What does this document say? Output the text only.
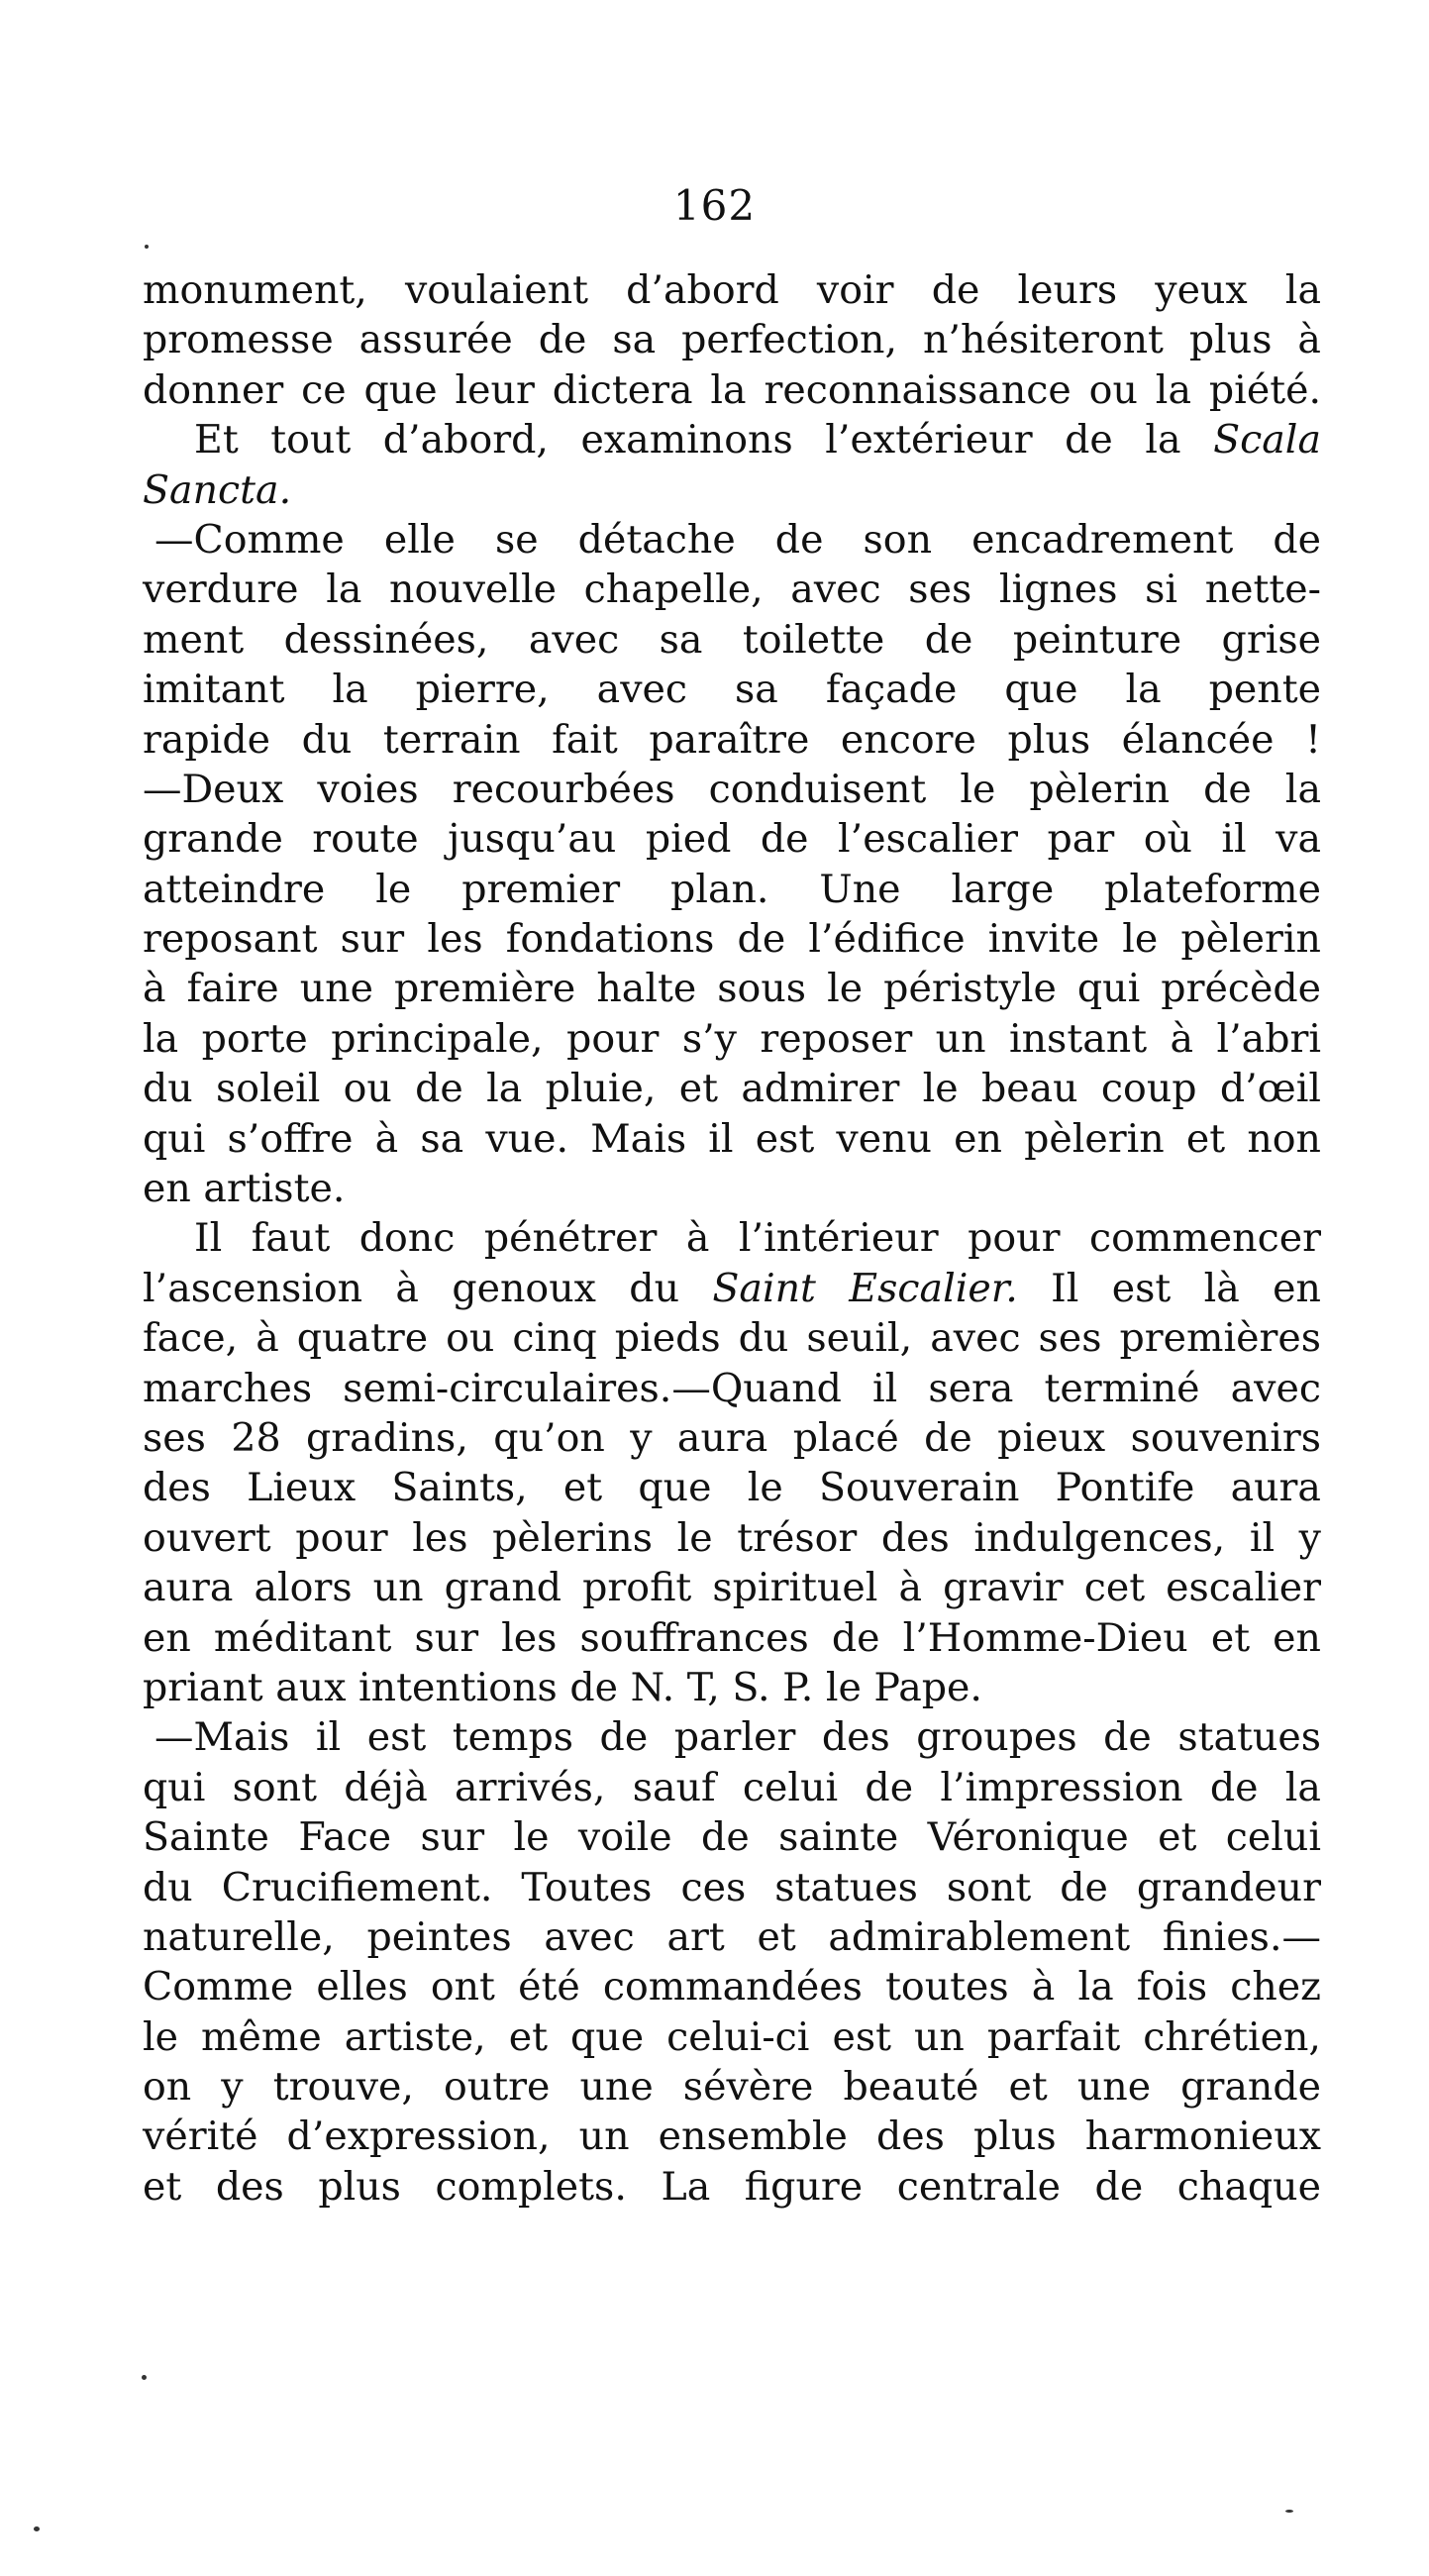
162
monument, voulaient d’abord voir de leurs yeux la
promesse assurée de sa perfection, n’hésiteront plus à
donner ce que leur dictera la reconnaissance ou la piété.
Et tout d’abord, examinons l’extérieur de la Scala
Sancta.
—Comme elle se détache de son encadrement de
verdure la nouvelle chapelle, avec ses lignes si nette-
ment dessinées, avec sa toilette de peinture grise
imitant la pierre, avec sa façade que la pente
rapide du terrain fait paraître encore plus élancée !
—Deux voies recourbées conduisent le pèlerin de la
grande route jusqu’au pied de l’escalier par où il va
atteindre le premier plan. Une large plateforme
reposant sur les fondations de l’édifice invite le pèlerin
à faire une première halte sous le péristyle qui précède
la porte principale, pour s’y reposer un instant à l’abri
du soleil ou de la pluie, et admirer le beau coup d’œil
qui s’offre à sa vue. Mais il est venu en pèlerin et non
en artiste.
Il faut donc pénétrer à l’intérieur pour commencer
l’ascension à genoux du Saint Escalier. Il est là en
face, à quatre ou cinq pieds du seuil, avec ses premières
marches semi-circulaires.—Quand il sera terminé avec
ses 28 gradins, qu’on y aura placé de pieux souvenirs
des Lieux Saints, et que le Souverain Pontife aura
ouvert pour les pèlerins le trésor des indulgences, il y
aura alors un grand profit spirituel à gravir cet escalier
en méditant sur les souffrances de l’Homme-Dieu et en
priant aux intentions de N. T, S. P. le Pape.
—Mais il est temps de parler des groupes de statues
qui sont déjà arrivés, sauf celui de l’impression de la
Sainte Face sur le voile de sainte Véronique et celui
du Crucifiement. Toutes ces statues sont de grandeur
naturelle, peintes avec art et admirablement finies.—
Comme elles ont été commandées toutes à la fois chez
le même artiste, et que celui-ci est un parfait chrétien,
on y trouve, outre une sévère beauté et une grande
vérité d’expression, un ensemble des plus harmonieux
et des plus complets. La figure centrale de chaque
